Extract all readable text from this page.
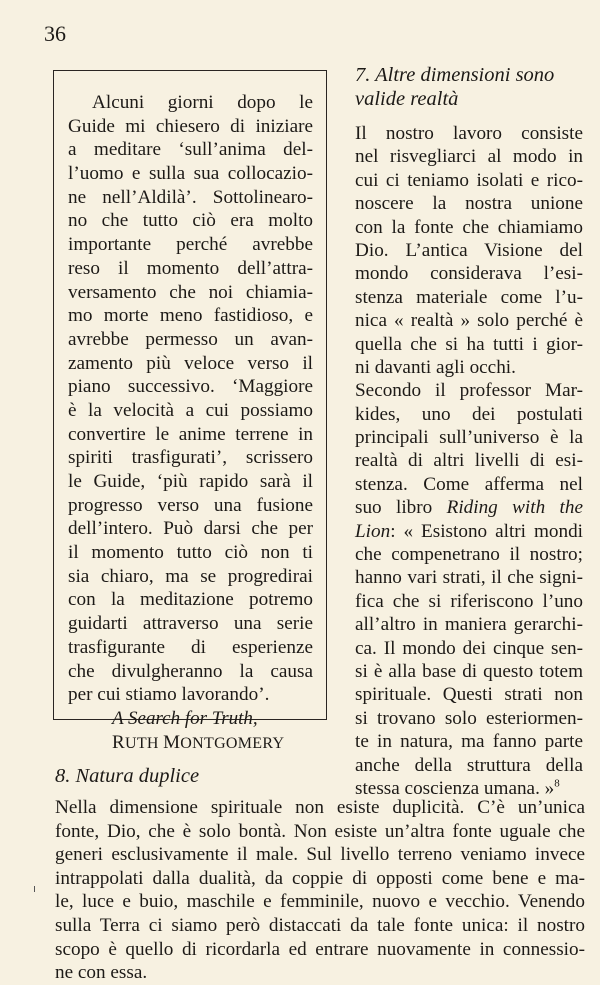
36
Alcuni giorni dopo le
Guide mi chiesero di iniziare
a meditare ‘sull’anima del-
l’uomo e sulla sua collocazio-
ne nell’Aldilà’. Sottolinearo-
no che tutto ciò era molto
importante perché avrebbe
reso il momento dell’attra-
versamento che noi chiamia-
mo morte meno fastidioso, e
avrebbe permesso un avan-
zamento più veloce verso il
piano successivo. ‘Maggiore
è la velocità a cui possiamo
convertire le anime terrene in
spiriti trasfigurati’, scrissero
le Guide, ‘più rapido sarà il
progresso verso una fusione
dell’intero. Può darsi che per
il momento tutto ciò non ti
sia chiaro, ma se progredirai
con la meditazione potremo
guidarti attraverso una serie
trasfigurante di esperienze
che divulgheranno la causa
per cui stiamo lavorando’.
A Search for Truth,
RUTH MONTGOMERY
7. Altre dimensioni sono
valide realtà
Il nostro lavoro consiste
nel risvegliarci al modo in
cui ci teniamo isolati e rico-
noscere la nostra unione
con la fonte che chiamiamo
Dio. L’antica Visione del
mondo considerava l’esi-
stenza materiale come l’u-
nica « realtà » solo perché è
quella che si ha tutti i gior-
ni davanti agli occhi.
Secondo il professor Mar-
kides, uno dei postulati
principali sull’universo è la
realtà di altri livelli di esi-
stenza. Come afferma nel
suo libro Riding with the
Lion: « Esistono altri mondi
che compenetrano il nostro;
hanno vari strati, il che signi-
fica che si riferiscono l’uno
all’altro in maniera gerarchi-
ca. Il mondo dei cinque sen-
si è alla base di questo totem
spirituale. Questi strati non
si trovano solo esteriormen-
te in natura, ma fanno parte
anche della struttura della
stessa coscienza umana. »$^8$
8. Natura duplice
Nella dimensione spirituale non esiste duplicità. C’è un’unica
fonte, Dio, che è solo bontà. Non esiste un’altra fonte uguale che
generi esclusivamente il male. Sul livello terreno veniamo invece
intrappolati dalla dualità, da coppie di opposti come bene e ma-
le, luce e buio, maschile e femminile, nuovo e vecchio. Venendo
sulla Terra ci siamo però distaccati da tale fonte unica: il nostro
scopo è quello di ricordarla ed entrare nuovamente in connessio-
ne con essa.
